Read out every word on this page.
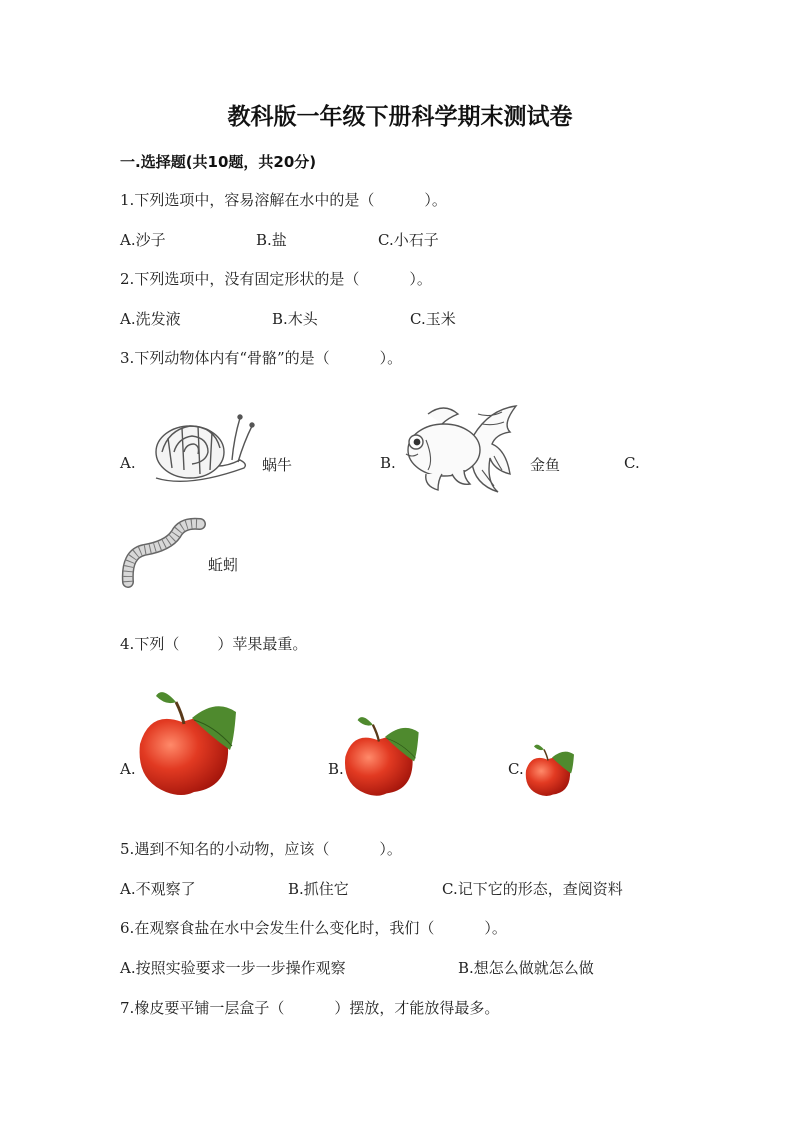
教科版一年级下册科学期末测试卷
一.选择题(共10题，共20分)
1.下列选项中，容易溶解在水中的是（	）。
A.沙子	B.盐	C.小石子
2.下列选项中，没有固定形状的是（	）。
A.洗发液	B.木头	C.玉米
3.下列动物体内有“骨骼”的是（	）。
A.	蜗牛	B.	金鱼	C.
蚯蚓
4.下列（	）苹果最重。
A.	B.	C.
5.遇到不知名的小动物，应该（	）。
A.不观察了	B.抓住它	C.记下它的形态，查阅资料
6.在观察食盐在水中会发生什么变化时，我们（	）。
A.按照实验要求一步一步操作观察	B.想怎么做就怎么做
7.橡皮要平铺一层盒子（	）摆放，才能放得最多。
